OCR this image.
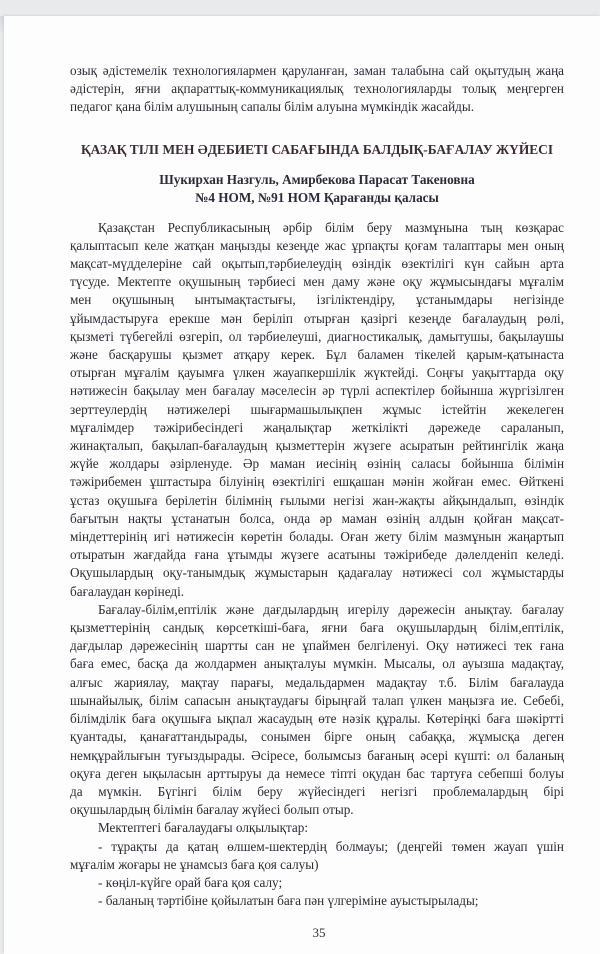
озық әдістемелік технологиялармен қаруланған, заман талабына сай оқытудың жаңа
әдістерін, яғни ақпараттық-коммуникациялық технологияларды толық меңгерген
педагог қана білім алушының сапалы білім алуына мүмкіндік жасайды.
ҚАЗАҚ ТІЛІ МЕН ӘДЕБИЕТІ САБАҒЫНДА БАЛДЫҚ-БАҒАЛАУ ЖҮЙЕСІ
Шукирхан Назгуль, Амирбекова Парасат Такеновна
№4 НОМ, №91 НОМ Қарағанды қаласы
Қазақстан Республикасының әрбір білім беру мазмұнына тың көзқарас
қалыптасып келе жатқан маңызды кезеңде жас ұрпақты қоғам талаптары мен оның
мақсат-мүдделеріне сай оқытып,тәрбиелеудің өзіндік өзектілігі күн сайын арта
түсуде. Мектепте оқушының тәрбиесі мен даму және оқу жұмысындағы мұғалім
мен оқушының ынтымақтастығы, ізгіліктендіру, ұстанымдары негізінде
ұйымдастыруға ерекше мән беріліп отырған қазіргі кезеңде бағалаудың рөлі,
қызметі түбегейлі өзгеріп, ол тәрбиелеуші, диагностикалық, дамытушы, бақылаушы
және басқарушы қызмет атқару керек. Бұл баламен тікелей қарым-қатынаста
отырған мұғалім қауымға үлкен жауапкершілік жүктейді. Соңғы уақыттарда оқу
нәтижесін бақылау мен бағалау мәселесін әр түрлі аспектілер бойынша жүргізілген
зерттеулердің нәтижелері шығармашылықпен жұмыс істейтін жекелеген
мұғалімдер тәжірибесіндегі жаңалықтар жеткілікті дәрежеде сараланып,
жинақталып, бақылап-бағалаудың қызметтерін жүзеге асыратын рейтингілік жаңа
жүйе жолдары әзірленуде. Әр маман иесінің өзінің саласы бойынша білімін
тәжірибемен ұштастыра білуінің өзектілігі ешқашан мәнін жойған емес. Өйткені
ұстаз оқушыға берілетін білімнің ғылыми негізі жан-жақты айқындалып, өзіндік
бағытын нақты ұстанатын болса, онда әр маман өзінің алдын қойған мақсат-
міндеттерінің игі нәтижесін көретін болады. Оған жету білім мазмұнын жаңартып
отыратын жағдайда ғана ұтымды жүзеге асатыны тәжірибеде дәлелденіп келеді.
Оқушылардың оқу-танымдық жұмыстарын қадағалау нәтижесі сол жұмыстарды
бағалаудан көрінеді.
Бағалау-білім,ептілік және дағдылардың игерілу дәрежесін анықтау. бағалау
қызметтерінің сандық көрсеткіші-баға, яғни баға оқушылардың білім,ептілік,
дағдылар дәрежесінің шартты сан не ұпаймен белгіленуі. Оқу нәтижесі тек ғана
баға емес, басқа да жолдармен анықталуы мүмкін. Мысалы, ол ауызша мадақтау,
алғыс жариялау, мақтау парағы, медальдармен мадақтау т.б. Білім бағалауда
шынайылық, білім сапасын анықтаудағы бірыңғай талап үлкен маңызға ие. Себебі,
білімділік баға оқушыға ықпал жасаудың өте нәзік құралы. Көтеріңкі баға шәкіртті
қуантады, қанағаттандырады, сонымен бірге оның сабаққа, жұмысқа деген
немқұрайлығын туғыздырады. Әсіресе, болымсыз бағаның әсері күшті: ол баланың
оқуға деген ықыласын арттыруы да немесе тіпті оқудан бас тартуға себепші болуы
да мүмкін. Бүгінгі білім беру жүйесіндегі негізгі проблемалардың бірі
оқушылардың білімін бағалау жүйесі болып отыр.
Мектептегі бағалаудағы олқылықтар:
- тұрақты да қатаң өлшем-шектердің болмауы; (деңгейі төмен жауап үшін
мұғалім жоғары не ұнамсыз баға қоя салуы)
- көңіл-күйге орай баға қоя салу;
- баланың тәртібіне қойылатын баға пән үлгеріміне ауыстырылады;
35
